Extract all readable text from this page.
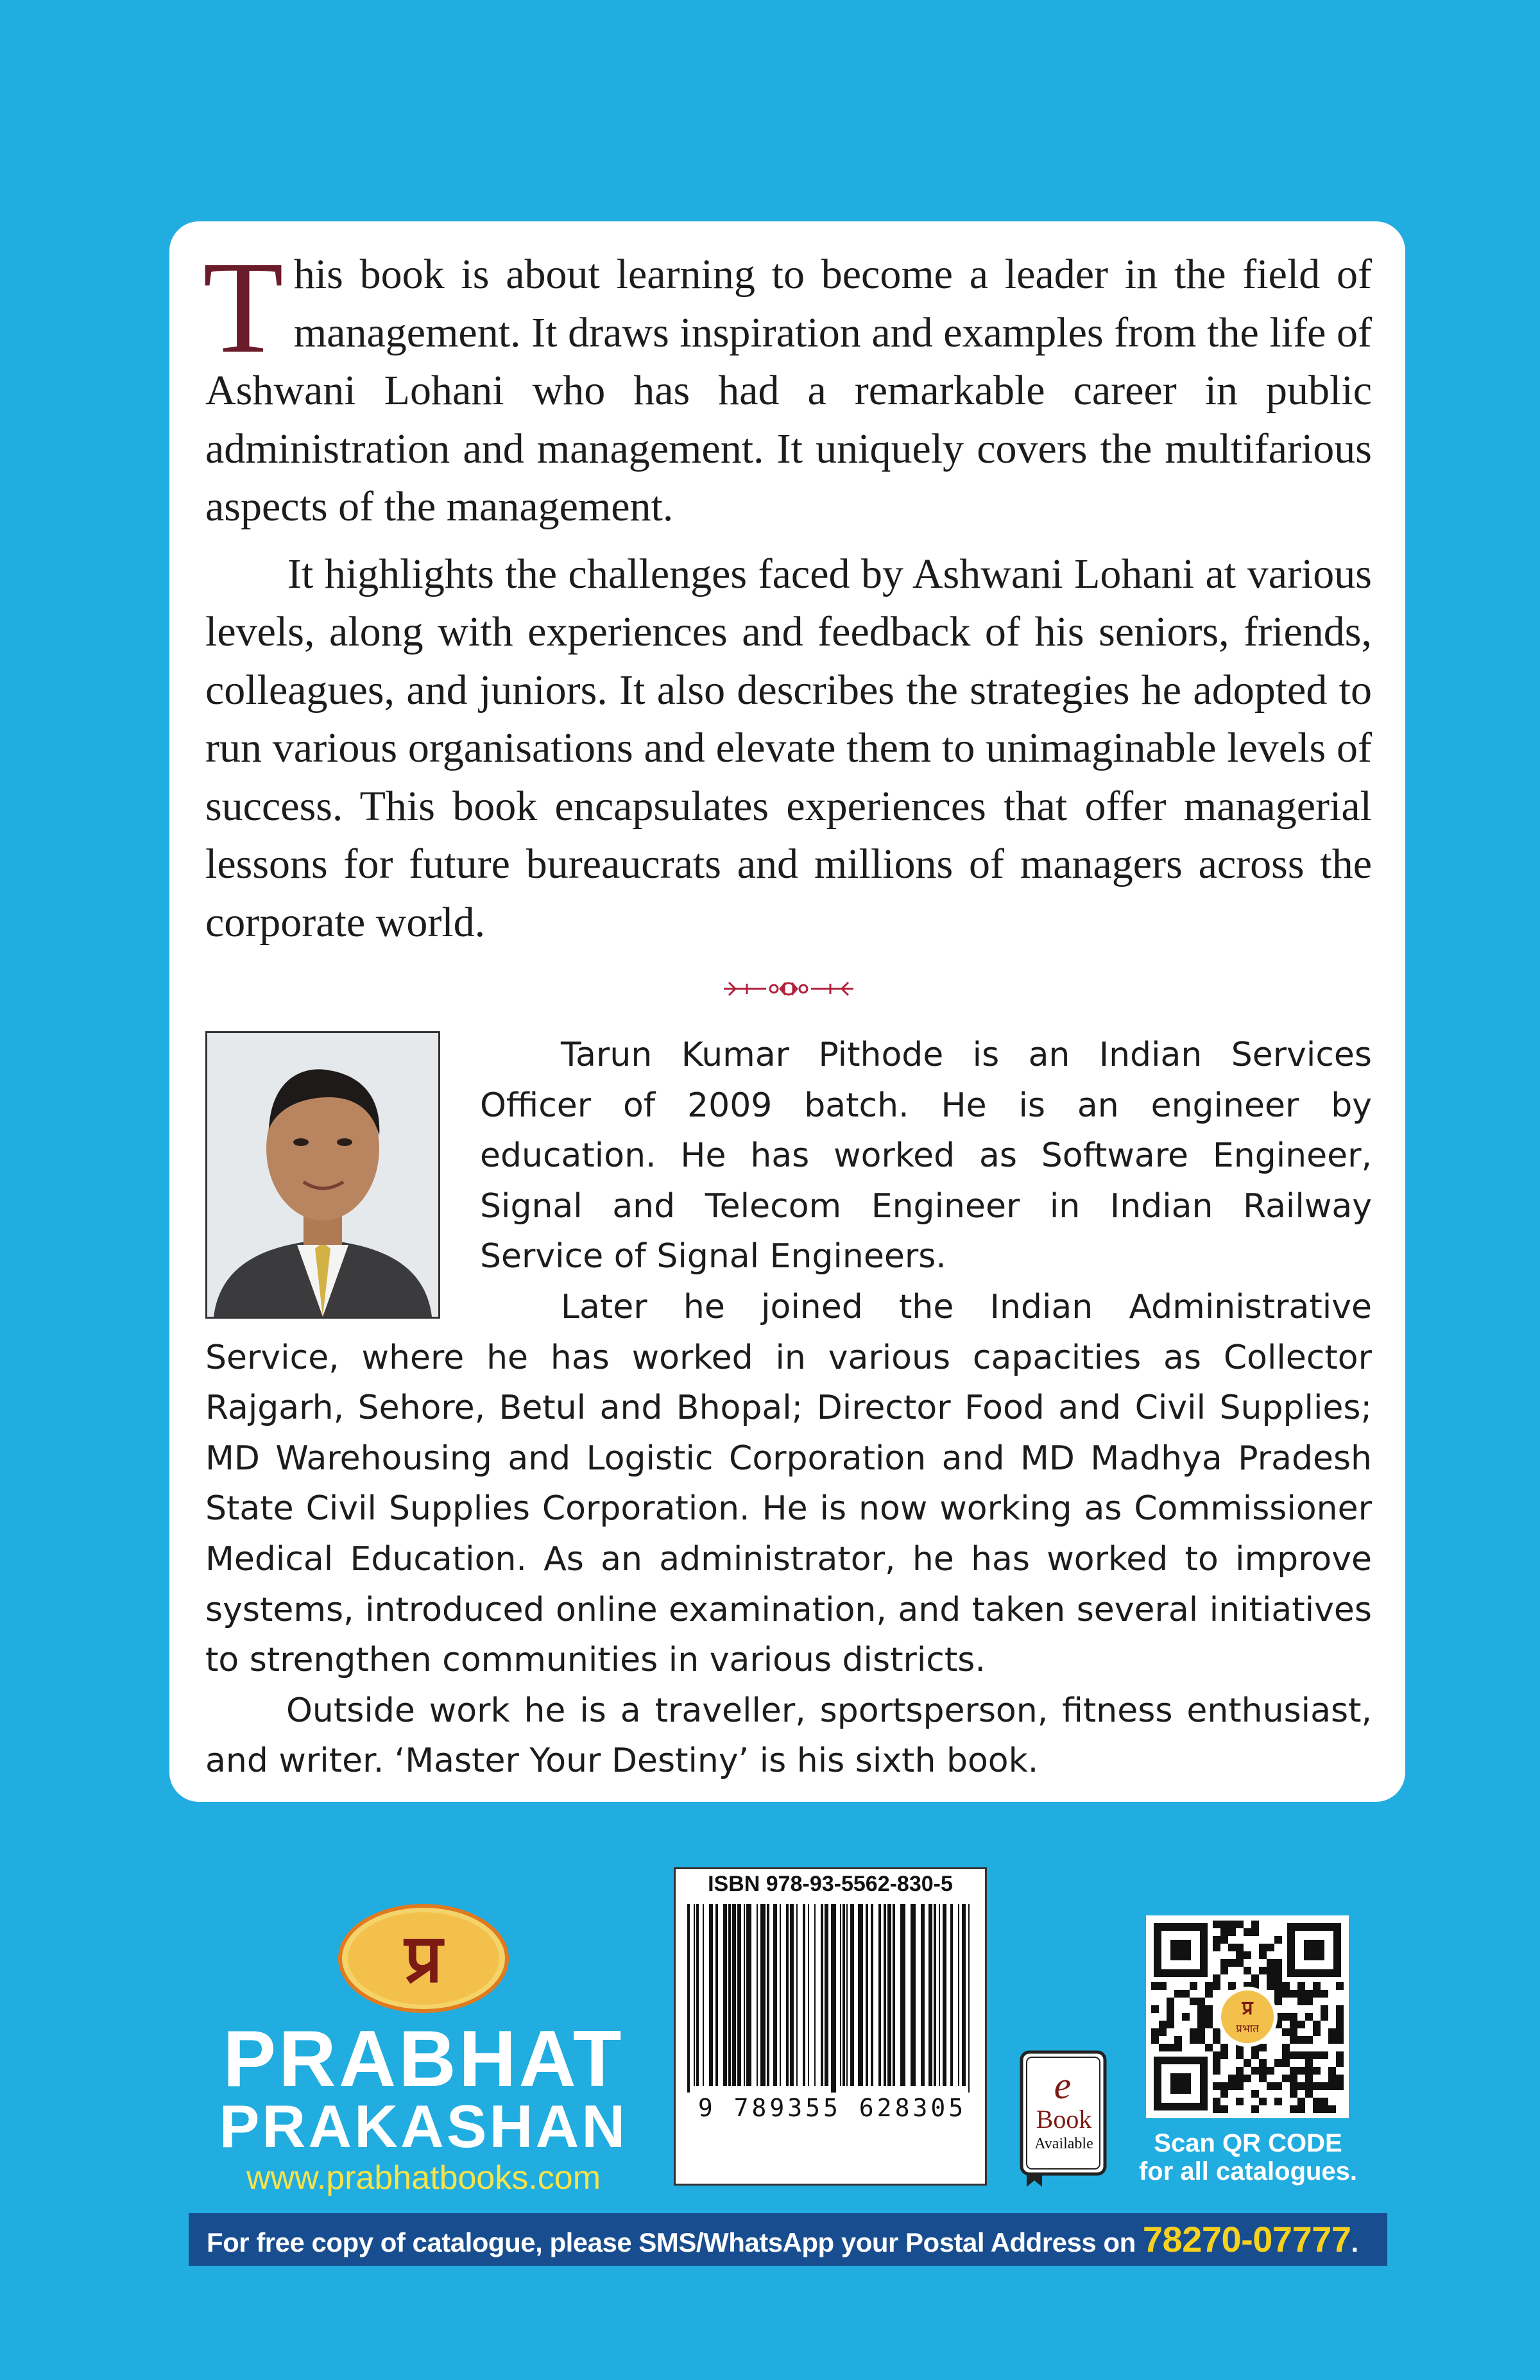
This book is about learning to become a leader in the field of management. It draws inspiration and examples from the life of Ashwani Lohani who has had a remarkable career in public administration and management. It uniquely covers the multifarious aspects of the management.

It highlights the challenges faced by Ashwani Lohani at various levels, along with experiences and feedback of his seniors, friends, colleagues, and juniors. It also describes the strategies he adopted to run various organisations and elevate them to unimaginable levels of success. This book encapsulates experiences that offer managerial lessons for future bureaucrats and millions of managers across the corporate world.

Tarun Kumar Pithode is an Indian Services Officer of 2009 batch. He is an engineer by education. He has worked as Software Engineer, Signal and Telecom Engineer in Indian Railway Service of Signal Engineers.

Later he joined the Indian Administrative Service, where he has worked in various capacities as Collector Rajgarh, Sehore, Betul and Bhopal; Director Food and Civil Supplies; MD Warehousing and Logistic Corporation and MD Madhya Pradesh State Civil Supplies Corporation. He is now working as Commissioner Medical Education. As an administrator, he has worked to improve systems, introduced online examination, and taken several initiatives to strengthen communities in various districts.

Outside work he is a traveller, sportsperson, fitness enthusiast, and writer. ‘Master Your Destiny’ is his sixth book.

प्र
PRABHAT
PRAKASHAN
www.prabhatbooks.com
ISBN 978-93-5562-830-5
9 789355 628305
e
Book
Available
प्र
प्रभात
Scan QR CODE
for all catalogues.
For free copy of catalogue, please SMS/WhatsApp your Postal Address on 78270-07777.
